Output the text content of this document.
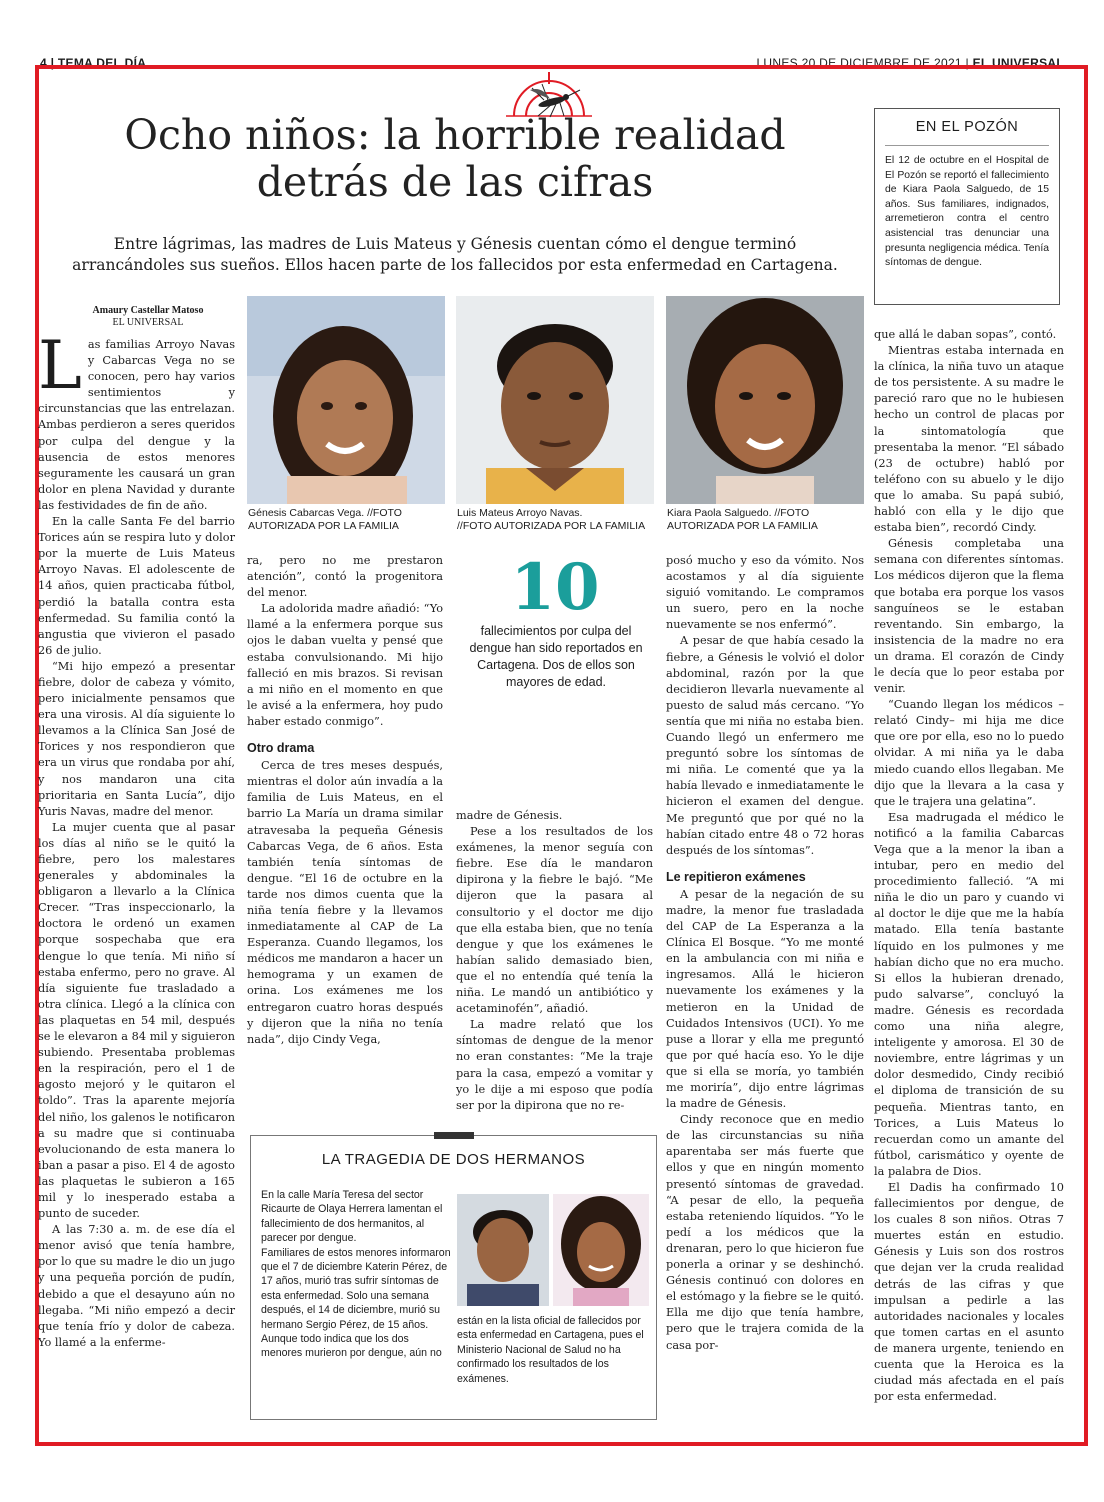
4 | TEMA DEL DÍA	LUNES 20 DE DICIEMBRE DE 2021 | EL UNIVERSAL
Ocho niños: la horrible realidad detrás de las cifras

Entre lágrimas, las madres de Luis Mateus y Génesis cuentan cómo el dengue terminó arrancándoles sus sueños. Ellos hacen parte de los fallecidos por esta enfermedad en Cartagena.

EN EL POZÓN

El 12 de octubre en el Hospital de El Pozón se reportó el fallecimiento de Kiara Paola Salguedo, de 15 años. Sus familiares, indignados, arremetieron contra el centro asistencial tras denunciar una presunta negligencia médica. Tenía síntomas de dengue.

Amaury Castellar Matoso
EL UNIVERSAL
Génesis Cabarcas Vega. //FOTO AUTORIZADA POR LA FAMILIA
Luis Mateus Arroyo Navas.
//FOTO AUTORIZADA POR LA FAMILIA
Kiara Paola Salguedo. //FOTO AUTORIZADA POR LA FAMILIA
10
fallecimientos por culpa del dengue han sido reportados en Cartagena. Dos de ellos son mayores de edad.

Las familias Arroyo Navas y Cabarcas Vega no se conocen, pero hay varios sentimientos y circunstancias que las entrelazan. Ambas perdieron a seres queridos por culpa del dengue y la ausencia de estos menores seguramente les causará un gran dolor en plena Navidad y durante las festividades de fin de año.

En la calle Santa Fe del barrio Torices aún se respira luto y dolor por la muerte de Luis Mateus Arroyo Navas. El adolescente de 14 años, quien practicaba fútbol, perdió la batalla contra esta enfermedad. Su familia contó la angustia que vivieron el pasado 26 de julio.

“Mi hijo empezó a presentar fiebre, dolor de cabeza y vómito, pero inicialmente pensamos que era una virosis. Al día siguiente lo llevamos a la Clínica San José de Torices y nos respondieron que era un virus que rondaba por ahí, y nos mandaron una cita prioritaria en Santa Lucía”, dijo Yuris Navas, madre del menor.

La mujer cuenta que al pasar los días al niño se le quitó la fiebre, pero los malestares generales y abdominales la obligaron a llevarlo a la Clínica Crecer. “Tras inspeccionarlo, la doctora le ordenó un examen porque sospechaba que era dengue lo que tenía. Mi niño sí estaba enfermo, pero no grave. Al día siguiente fue trasladado a otra clínica. Llegó a la clínica con las plaquetas en 54 mil, después se le elevaron a 84 mil y siguieron subiendo. Presentaba problemas en la respiración, pero el 1 de agosto mejoró y le quitaron el toldo”. Tras la aparente mejoría del niño, los galenos le notificaron a su madre que si continuaba evolucionando de esta manera lo iban a pasar a piso. El 4 de agosto las plaquetas le subieron a 165 mil y lo inesperado estaba a punto de suceder.

A las 7:30 a. m. de ese día el menor avisó que tenía hambre, por lo que su madre le dio un jugo y una pequeña porción de pudín, debido a que el desayuno aún no llegaba. “Mi niño empezó a decir que tenía frío y dolor de cabeza. Yo llamé a la enferme-

ra, pero no me prestaron atención”, contó la progenitora del menor.

La adolorida madre añadió: “Yo llamé a la enfermera porque sus ojos le daban vuelta y pensé que estaba convulsionando. Mi hijo falleció en mis brazos. Si revisan a mi niño en el momento en que le avisé a la enfermera, hoy pudo haber estado conmigo”.

Otro drama

Cerca de tres meses después, mientras el dolor aún invadía a la familia de Luis Mateus, en el barrio La María un drama similar atravesaba la pequeña Génesis Cabarcas Vega, de 6 años. Esta también tenía síntomas de dengue. “El 16 de octubre en la tarde nos dimos cuenta que la niña tenía fiebre y la llevamos inmediatamente al CAP de La Esperanza. Cuando llegamos, los médicos me mandaron a hacer un hemograma y un examen de orina. Los exámenes me los entregaron cuatro horas después y dijeron que la niña no tenía nada”, dijo Cindy Vega,

madre de Génesis.

Pese a los resultados de los exámenes, la menor seguía con fiebre. Ese día le mandaron dipirona y la fiebre le bajó. “Me dijeron que la pasara al consultorio y el doctor me dijo que ella estaba bien, que no tenía dengue y que los exámenes le habían salido demasiado bien, que el no entendía qué tenía la niña. Le mandó un antibiótico y acetaminofén”, añadió.

La madre relató que los síntomas de dengue de la menor no eran constantes: “Me la traje para la casa, empezó a vomitar y yo le dije a mi esposo que podía ser por la dipirona que no re-

posó mucho y eso da vómito. Nos acostamos y al día siguiente siguió vomitando. Le compramos un suero, pero en la noche nuevamente se nos enfermó”.

A pesar de que había cesado la fiebre, a Génesis le volvió el dolor abdominal, razón por la que decidieron llevarla nuevamente al puesto de salud más cercano. “Yo sentía que mi niña no estaba bien. Cuando llegó un enfermero me preguntó sobre los síntomas de mi niña. Le comenté que ya la había llevado e inmediatamente le hicieron el examen del dengue. Me preguntó que por qué no la habían citado entre 48 o 72 horas después de los síntomas”.

Le repitieron exámenes

A pesar de la negación de su madre, la menor fue trasladada del CAP de La Esperanza a la Clínica El Bosque. “Yo me monté en la ambulancia con mi niña e ingresamos. Allá le hicieron nuevamente los exámenes y la metieron en la Unidad de Cuidados Intensivos (UCI). Yo me puse a llorar y ella me preguntó que por qué hacía eso. Yo le dije que si ella se moría, yo también me moriría”, dijo entre lágrimas la madre de Génesis.

Cindy reconoce que en medio de las circunstancias su niña aparentaba ser más fuerte que ellos y que en ningún momento presentó síntomas de gravedad. “A pesar de ello, la pequeña estaba reteniendo líquidos. “Yo le pedí a los médicos que la drenaran, pero lo que hicieron fue ponerla a orinar y se deshinchó. Génesis continuó con dolores en el estómago y la fiebre se le quitó. Ella me dijo que tenía hambre, pero que le trajera comida de la casa por-

que allá le daban sopas”, contó.

Mientras estaba internada en la clínica, la niña tuvo un ataque de tos persistente. A su madre le pareció raro que no le hubiesen hecho un control de placas por la sintomatología que presentaba la menor. “El sábado (23 de octubre) habló por teléfono con su abuelo y le dijo que lo amaba. Su papá subió, habló con ella y le dijo que estaba bien”, recordó Cindy.

Génesis completaba una semana con diferentes síntomas. Los médicos dijeron que la flema que botaba era porque los vasos sanguíneos se le estaban reventando. Sin embargo, la insistencia de la madre no era un drama. El corazón de Cindy le decía que lo peor estaba por venir.

“Cuando llegan los médicos –relató Cindy– mi hija me dice que ore por ella, eso no lo puedo olvidar. A mi niña ya le daba miedo cuando ellos llegaban. Me dijo que la llevara a la casa y que le trajera una gelatina”.

Esa madrugada el médico le notificó a la familia Cabarcas Vega que a la menor la iban a intubar, pero en medio del procedimiento falleció. “A mi niña le dio un paro y cuando vi al doctor le dije que me la había matado. Ella tenía bastante líquido en los pulmones y me habían dicho que no era mucho. Si ellos la hubieran drenado, pudo salvarse”, concluyó la madre. Génesis es recordada como una niña alegre, inteligente y amorosa. El 30 de noviembre, entre lágrimas y un dolor desmedido, Cindy recibió el diploma de transición de su pequeña. Mientras tanto, en Torices, a Luis Mateus lo recuerdan como un amante del fútbol, carismático y oyente de la palabra de Dios.

El Dadis ha confirmado 10 fallecimientos por dengue, de los cuales 8 son niños. Otras 7 muertes están en estudio. Génesis y Luis son dos rostros que dejan ver la cruda realidad detrás de las cifras y que impulsan a pedirle a las autoridades nacionales y locales que tomen cartas en el asunto de manera urgente, teniendo en cuenta que la Heroica es la ciudad más afectada en el país por esta enfermedad.

LA TRAGEDIA DE DOS HERMANOS

En la calle María Teresa del sector Ricaurte de Olaya Herrera lamentan el fallecimiento de dos hermanitos, al parecer por dengue.

Familiares de estos menores informaron que el 7 de diciembre Katerin Pérez, de 17 años, murió tras sufrir síntomas de esta enfermedad. Solo una semana después, el 14 de diciembre, murió su hermano Sergio Pérez, de 15 años.

Aunque todo indica que los dos menores murieron por dengue, aún no

están en la lista oficial de fallecidos por esta enfermedad en Cartagena, pues el Ministerio Nacional de Salud no ha confirmado los resultados de los exámenes.
